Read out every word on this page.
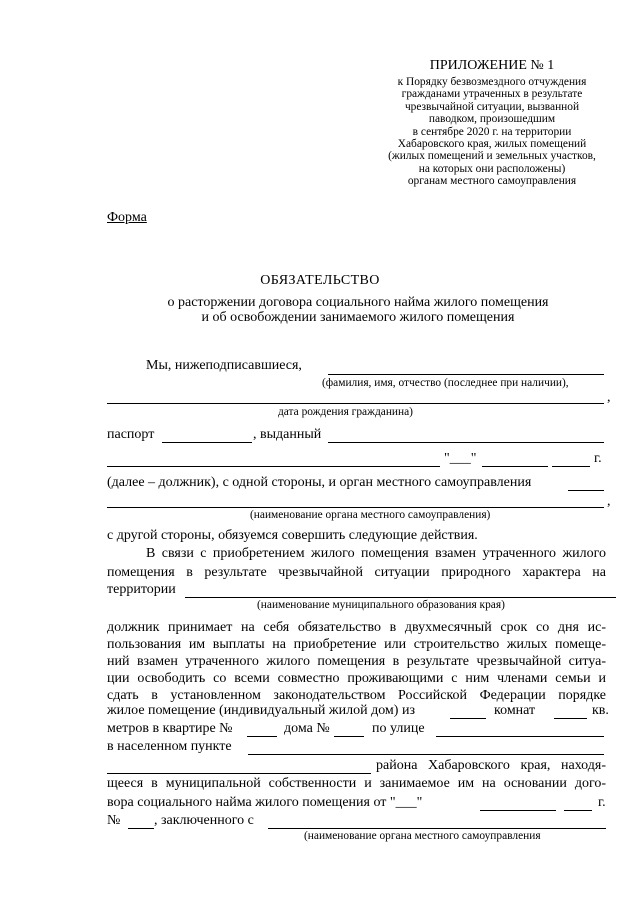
ПРИЛОЖЕНИЕ № 1
к Порядку безвозмездного отчуждения
гражданами утраченных в результате
чрезвычайной ситуации, вызванной
паводком, произошедшим
в сентябре 2020 г. на территории
Хабаровского края, жилых помещений
(жилых помещений и земельных участков,
на которых они расположены)
органам местного самоуправления
Форма
ОБЯЗАТЕЛЬСТВО
о расторжении договора социального найма жилого помещения
и об освобождении занимаемого жилого помещения
Мы, нижеподписавшиеся,
(фамилия, имя, отчество (последнее при наличии),
,
дата рождения гражданина)
паспорт	, выданный
"___"	г.
(далее – должник), с одной стороны, и орган местного самоуправления
,
(наименование органа местного самоуправления)
с другой стороны, обязуемся совершить следующие действия.
В связи с приобретением жилого помещения взамен утраченного жилого
помещения в результате чрезвычайной ситуации природного характера на
территории
(наименование муниципального образования края)
должник принимает на себя обязательство в двухмесячный срок со дня ис-
пользования им выплаты на приобретение или строительство жилых помеще-
ний взамен утраченного жилого помещения в результате чрезвычайной ситуа-
ции освободить со всеми совместно проживающими с ним членами семьи и
сдать в установленном законодательством Российской Федерации порядке
жилое помещение (индивидуальный жилой дом) из	комнат	кв.
метров в квартире №	дома №	по улице
в населенном пункте
района Хабаровского края, находя-
щееся в муниципальной собственности и занимаемое им на основании дого-
вора социального найма жилого помещения от "___"	г.
№ , заключенного с
(наименование органа местного самоуправления
